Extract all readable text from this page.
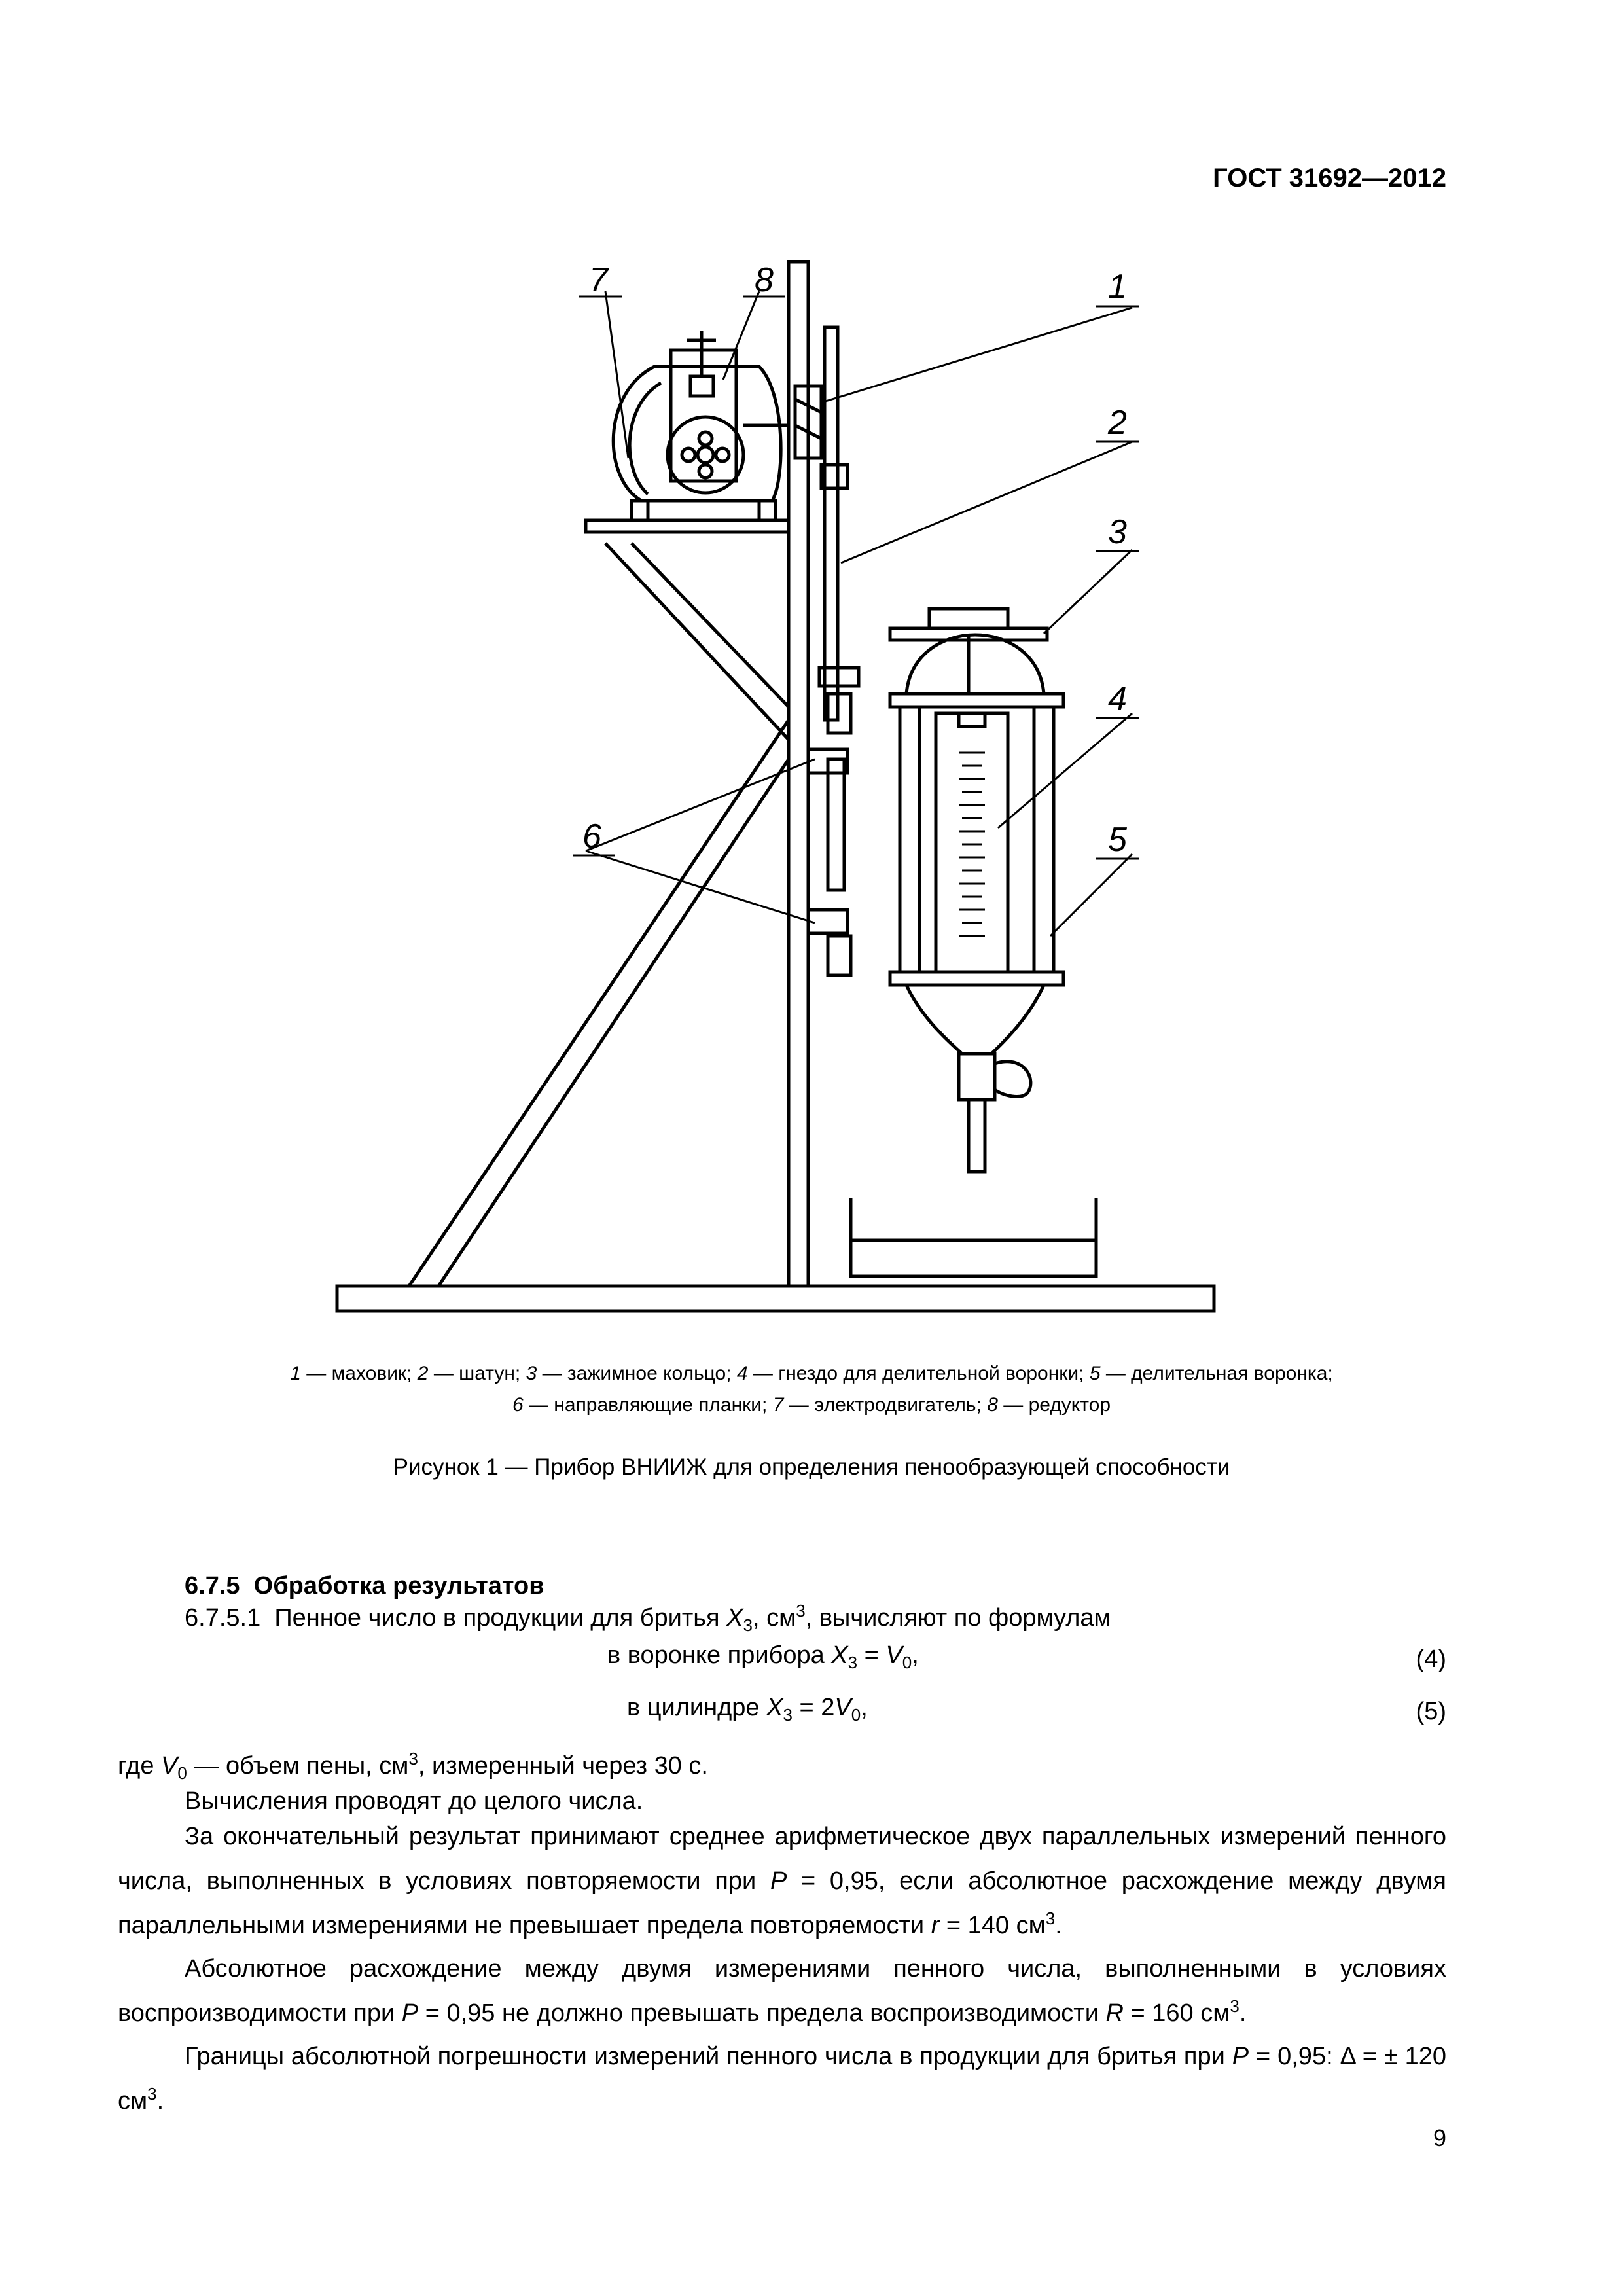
ГОСТ 31692—2012
7	8	1
2
3
4
6	5
1 — маховик; 2 — шатун; 3 — зажимное кольцо; 4 — гнездо для делительной воронки; 5 — делительная воронка;
6 — направляющие планки; 7 — электродвигатель; 8 — редуктор
Рисунок 1 — Прибор ВНИИЖ для определения пенообразующей способности
6.7.5 Обработка результатов
6.7.5.1 Пенное число в продукции для бритья $X_3$, $см^3$, вычисляют по формулам
в воронке прибора $X_3 = V_0$,	(4)
в цилиндре $X_3 = 2V_0$,	(5)
где $V_0$ — объем пены, $см^3$, измеренный через 30 с.
Вычисления проводят до целого числа.
За окончательный результат принимают среднее арифметическое двух параллельных измерений пенного числа, выполненных в условиях повторяемости при P = 0,95, если абсолютное расхождение между двумя параллельными измерениями не превышает предела повторяемости r = 140 $см^3$.
Абсолютное расхождение между двумя измерениями пенного числа, выполненными в условиях воспроизводимости при P = 0,95 не должно превышать предела воспроизводимости R = 160 $см^3$.
Границы абсолютной погрешности измерений пенного числа в продукции для бритья при P = 0,95: Δ = ± 120 $см^3$.
9
